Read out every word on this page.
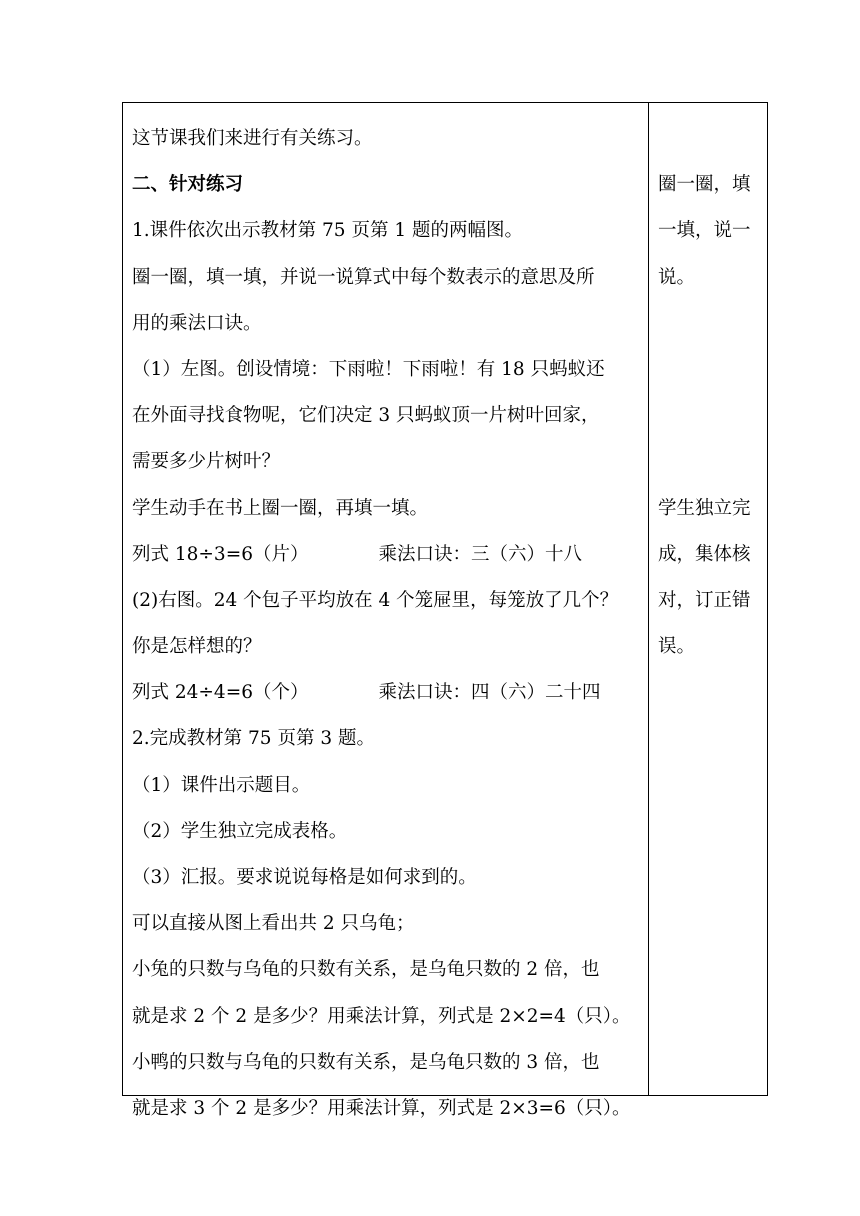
这节课我们来进行有关练习。
二、针对练习
1.课件依次出示教材第 75 页第 1 题的两幅图。
圈一圈，填一填，并说一说算式中每个数表示的意思及所
用的乘法口诀。
（1）左图。创设情境：下雨啦！下雨啦！有 18 只蚂蚁还
在外面寻找食物呢，它们决定 3 只蚂蚁顶一片树叶回家，
需要多少片树叶？
学生动手在书上圈一圈，再填一填。
列式 18÷3=6（片）	乘法口诀：三（六）十八
(2)右图。24 个包子平均放在 4 个笼屉里，每笼放了几个？
你是怎样想的？
列式 24÷4=6（个）	乘法口诀：四（六）二十四
2.完成教材第 75 页第 3 题。
（1）课件出示题目。
（2）学生独立完成表格。
（3）汇报。要求说说每格是如何求到的。
可以直接从图上看出共 2 只乌龟；
小兔的只数与乌龟的只数有关系，是乌龟只数的 2 倍，也
就是求 2 个 2 是多少？用乘法计算，列式是 2×2=4（只）。
小鸭的只数与乌龟的只数有关系，是乌龟只数的 3 倍，也
就是求 3 个 2 是多少？用乘法计算，列式是 2×3=6（只）。
圈一圈，填
一填，说一
说。
学生独立完
成，集体核
对，订正错
误。
